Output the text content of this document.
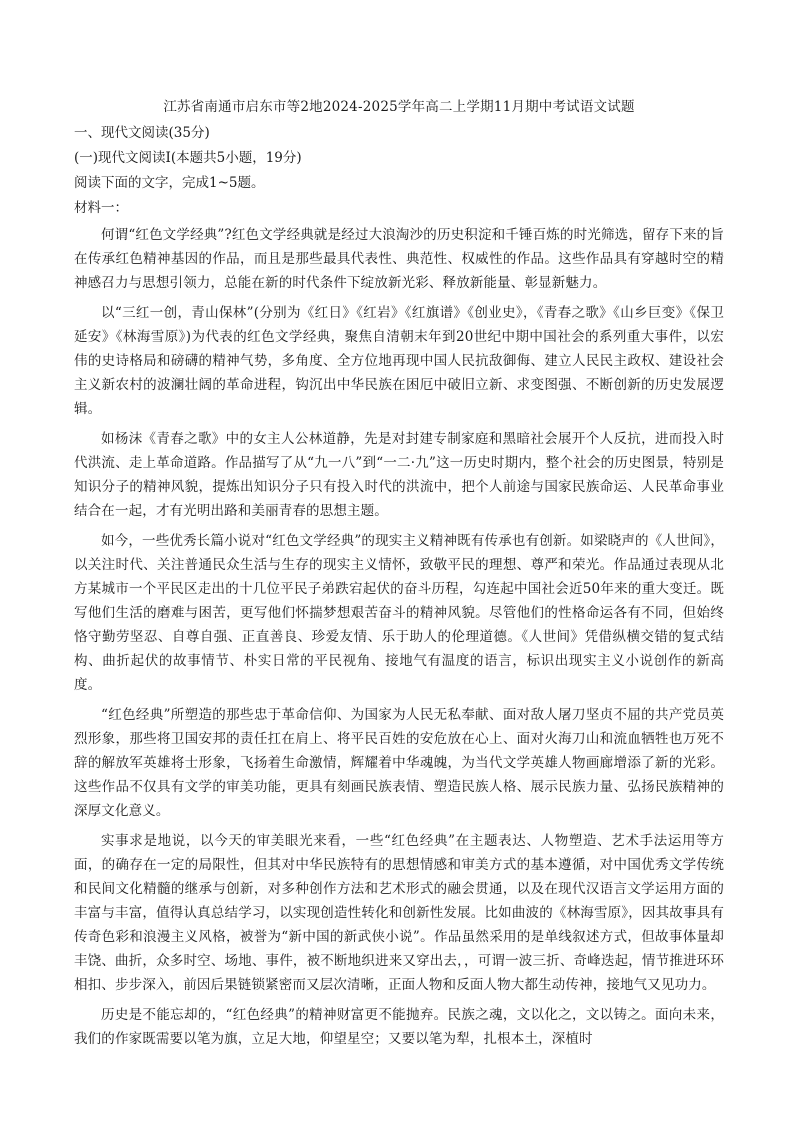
江苏省南通市启东市等2地2024-2025学年高二上学期11月期中考试语文试题
一、现代文阅读(35分)
(一)现代文阅读Ⅰ(本题共5小题，19分)
阅读下面的文字，完成1~5题。
材料一：

何谓“红色文学经典”?红色文学经典就是经过大浪淘沙的历史积淀和千锤百炼的时光筛选，留存下来的旨在传承红色精神基因的作品，而且是那些最具代表性、典范性、权威性的作品。这些作品具有穿越时空的精神感召力与思想引领力，总能在新的时代条件下绽放新光彩、释放新能量、彰显新魅力。

以“三红一创，青山保林”(分别为《红日》《红岩》《红旗谱》《创业史》，《青春之歌》《山乡巨变》《保卫延安》《林海雪原》)为代表的红色文学经典，聚焦自清朝末年到20世纪中期中国社会的系列重大事件，以宏伟的史诗格局和磅礴的精神气势，多角度、全方位地再现中国人民抗敌御侮、建立人民民主政权、建设社会主义新农村的波澜壮阔的革命进程，钩沉出中华民族在困厄中破旧立新、求变图强、不断创新的历史发展逻辑。

如杨沫《青春之歌》中的女主人公林道静，先是对封建专制家庭和黑暗社会展开个人反抗，进而投入时代洪流、走上革命道路。作品描写了从“九一八”到“一二·九”这一历史时期内，整个社会的历史图景，特别是知识分子的精神风貌，提炼出知识分子只有投入时代的洪流中，把个人前途与国家民族命运、人民革命事业结合在一起，才有光明出路和美丽青春的思想主题。

如今，一些优秀长篇小说对“红色文学经典”的现实主义精神既有传承也有创新。如梁晓声的《人世间》，以关注时代、关注普通民众生活与生存的现实主义情怀，致敬平民的理想、尊严和荣光。作品通过表现从北方某城市一个平民区走出的十几位平民子弟跌宕起伏的奋斗历程，勾连起中国社会近50年来的重大变迁。既写他们生活的磨难与困苦，更写他们怀揣梦想艰苦奋斗的精神风貌。尽管他们的性格命运各有不同，但始终恪守勤劳坚忍、自尊自强、正直善良、珍爱友情、乐于助人的伦理道德。《人世间》凭借纵横交错的复式结构、曲折起伏的故事情节、朴实日常的平民视角、接地气有温度的语言，标识出现实主义小说创作的新高度。

“红色经典”所塑造的那些忠于革命信仰、为国家为人民无私奉献、面对敌人屠刀坚贞不屈的共产党员英烈形象，那些将卫国安邦的责任扛在肩上、将平民百姓的安危放在心上、面对火海刀山和流血牺牲也万死不辞的解放军英雄将士形象，飞扬着生命激情，辉耀着中华魂魄，为当代文学英雄人物画廊增添了新的光彩。这些作品不仅具有文学的审美功能，更具有刻画民族表情、塑造民族人格、展示民族力量、弘扬民族精神的深厚文化意义。

实事求是地说，以今天的审美眼光来看，一些“红色经典”在主题表达、人物塑造、艺术手法运用等方面，的确存在一定的局限性，但其对中华民族特有的思想情感和审美方式的基本遵循，对中国优秀文学传统和民间文化精髓的继承与创新，对多种创作方法和艺术形式的融会贯通，以及在现代汉语言文学运用方面的丰富与丰富，值得认真总结学习，以实现创造性转化和创新性发展。比如曲波的《林海雪原》，因其故事具有传奇色彩和浪漫主义风格，被誉为“新中国的新武侠小说”。作品虽然采用的是单线叙述方式，但故事体量却丰饶、曲折，众多时空、场地、事件，被不断地织进来又穿出去，，可谓一波三折、奇峰迭起，情节推进环环相扣、步步深入，前因后果链锁紧密而又层次清晰，正面人物和反面人物大都生动传神，接地气又见功力。

历史是不能忘却的，“红色经典”的精神财富更不能抛弃。民族之魂，文以化之，文以铸之。面向未来，我们的作家既需要以笔为旗，立足大地，仰望星空；又要以笔为犁，扎根本土，深植时
